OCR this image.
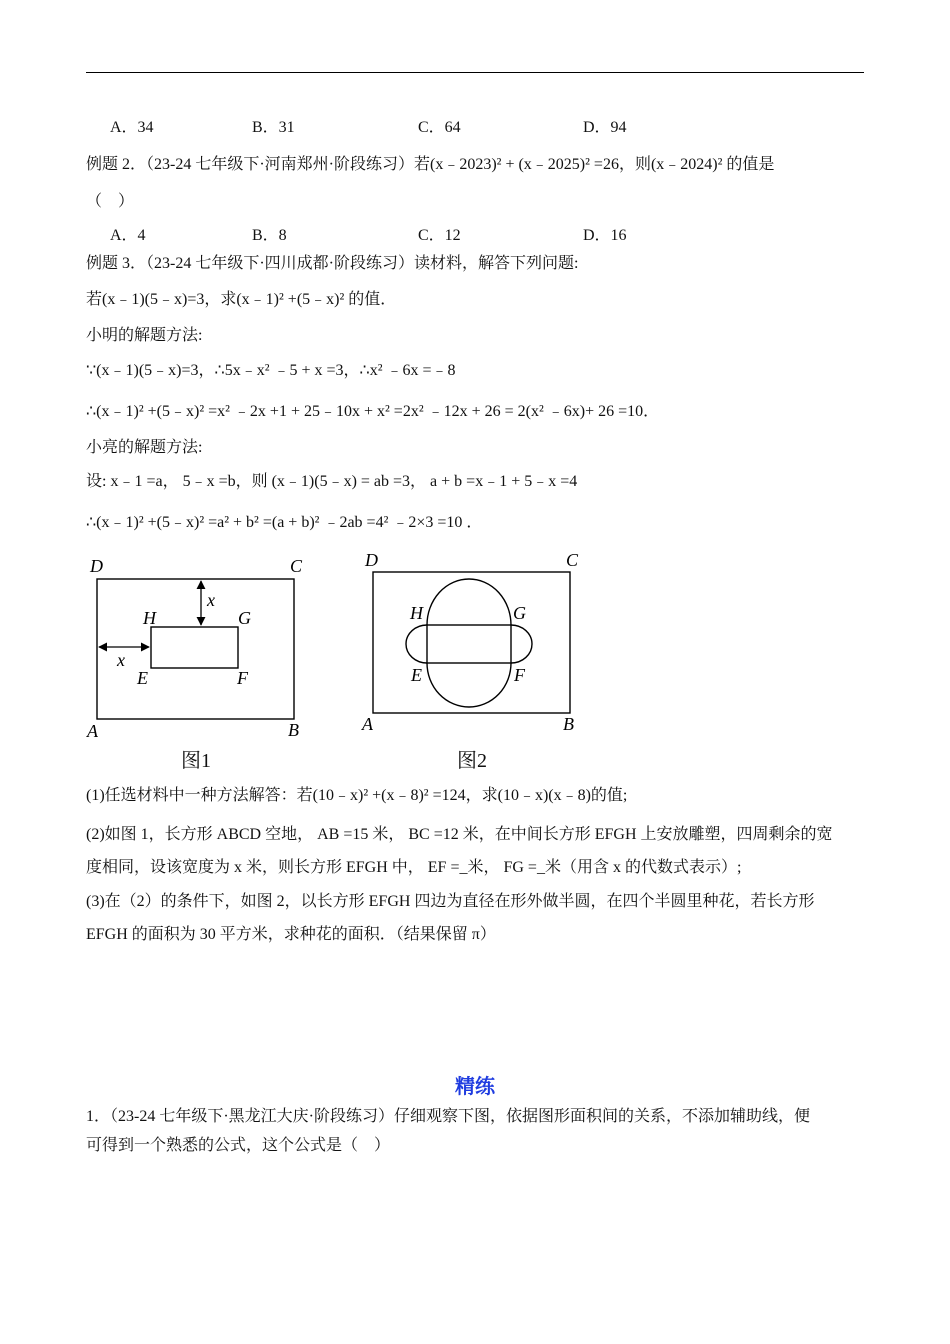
A．34	B．31	C．64	D．94
例题 2．（23-24 七年级下·河南郑州·阶段练习）若(x﹣2023)² + (x﹣2025)² =26，则(x﹣2024)² 的值是
（　）
A．4	B．8	C．12	D．16
例题 3．（23-24 七年级下·四川成都·阶段练习）读材料，解答下列问题:
若(x﹣1)(5﹣x)=3，求(x﹣1)² +(5﹣x)² 的值．
小明的解题方法:
∵(x﹣1)(5﹣x)=3，∴5x﹣x² ﹣5 + x =3，∴x² ﹣6x =﹣8
∴(x﹣1)² +(5﹣x)² =x² ﹣2x +1 + 25﹣10x + x² =2x² ﹣12x + 26 = 2(x² ﹣6x)+ 26 =10．
小亮的解题方法:
设: x﹣1 =a， 5﹣x =b，则 (x﹣1)(5﹣x) = ab =3， a + b =x﹣1 + 5﹣x =4
∴(x﹣1)² +(5﹣x)² =a² + b² =(a + b)² ﹣2ab =4² ﹣2×3 =10 ．
D	C
A	B
H	G
E	F
x
x
图1
D	C
A	B
H	G
E	F
图2
(1)任选材料中一种方法解答：若(10﹣x)² +(x﹣8)² =124，求(10﹣x)(x﹣8)的值;
(2)如图 1，长方形 ABCD 空地， AB =15 米， BC =12 米，在中间长方形 EFGH 上安放雕塑，四周剩余的宽
度相同，设该宽度为 x 米，则长方形 EFGH 中， EF =_米， FG =_米（用含 x 的代数式表示）;
(3)在（2）的条件下，如图 2，以长方形 EFGH 四边为直径在形外做半圆，在四个半圆里种花，若长方形
EFGH 的面积为 30 平方米，求种花的面积．（结果保留 π）
精练
1．（23-24 七年级下·黑龙江大庆·阶段练习）仔细观察下图，依据图形面积间的关系，不添加辅助线，便
可得到一个熟悉的公式，这个公式是（　）
